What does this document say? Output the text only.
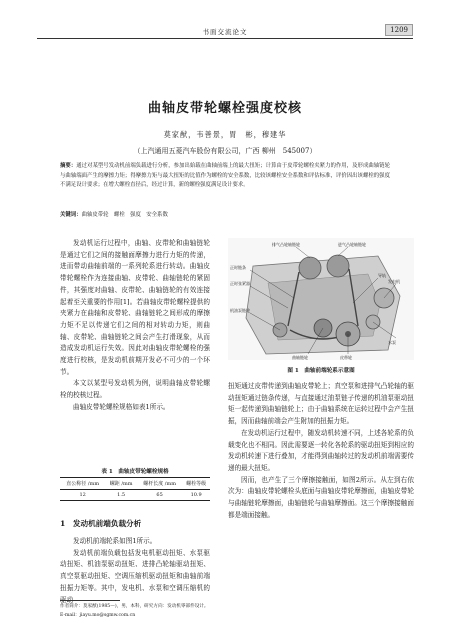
书面交流论文	1209
曲轴皮带轮螺栓强度校核
莫家猷，韦善景，胃　彬，穆建华
（上汽通用五菱汽车股份有限公司，广西 柳州　545007）
摘要：通过对某型号发动机前端负载进行分析，参加出始载在曲轴前端上的最大扭矩；计算由于皮带轮螺栓夹紧力的作用，及形成曲轴链轮与曲轴端面产生的摩擦力矩；得摩擦力矩与最大扭矩的比值作为螺栓的安全系数，比较该螺栓安全系数和评估标准，评价因出该螺栓的强度不满足设计要求；在增大螺栓直径后，经过计算，新的螺栓强度满足设计要求。
关键词：曲轴皮带轮　螺栓　强度　安全系数

发动机运行过程中，曲轴、皮带轮和曲轴链轮是通过它们之间的接触面摩擦力进行力矩的传递，进而带动曲轴前端的一系列轮系进行转动。曲轴皮带轮螺栓作为连接曲轴、皮带轮、曲轴链轮的紧固件，其强度对曲轴、皮带轮、曲轴链轮的有效连接起着至关重要的作用[1]。若曲轴皮带轮螺栓提供的夹紧力在曲轴和皮带轮、曲轴链轮之间形成的摩擦力矩不足以传递它们之间的相对转动力矩，则曲轴、皮带轮、曲轴链轮之间会产生打滑现象，从而造成发动机运行失效。因此对曲轴皮带轮螺栓的强度进行校核，是发动机前期开发必不可少的一个环节。

本文以某型号发动机为例，说明曲轴皮带轮螺栓的校核过程。

曲轴皮带轮螺栓规格如表1所示。

表 1　曲轴皮带轮螺栓规格
直公称径 /mm	螺距 /mm	螺杆长度 /mm	螺栓等级
12	1.5	65	10.9
1　发动机前端负载分析

发动机前端轮系如图1所示。

发动机前端负载包括发电机驱动扭矩、水泵驱动扭矩、机油泵驱动扭矩、进排凸轮轴驱动扭矩、真空泵驱动扭矩、空调压缩机驱动扭矩和曲轴前端扭振力矩等。其中，发电机、水泵和空调压缩机的驱动

作者简介：莫家猷(1985—)，男，本科，研究方向：发动机零部件设计。
E-mail：jiayu.mo@sgmw.com.cn
排气凸轮轴链轮	进气凸轮轴链轮
正时链条
正时张紧器
导轨
机油泵链轮
曲轴链轮	皮带轮
水泵
发电机
图 1　曲轴前端轮系示意图

扭矩通过皮带传递到曲轴皮带轮上；真空泵和进排气凸轮轴的驱动扭矩通过链条传递，与直接通过油泵链子传递的机油泵驱动扭矩一起传递到曲轴链轮上；由于曲轴系统在运转过程中会产生扭振，因而曲轴前端会产生附加的扭振力矩。

在发动机运行过程中，随发动机转速不同，上述各轮系的负载变化也不相同。因此需要逐一转化各轮系的驱动扭矩到相应的发动机转速下进行叠加，才能得到曲轴转过的发动机前端需要传递的最大扭矩。

因而，也产生了三个摩擦接触面，如图2所示。从左到右依次为：曲轴皮带轮螺栓头底面与曲轴皮带轮摩擦面，曲轴皮带轮与曲轴链轮摩擦面，曲轴链轮与曲轴摩擦面。这三个摩擦接触面都是端面接触。
